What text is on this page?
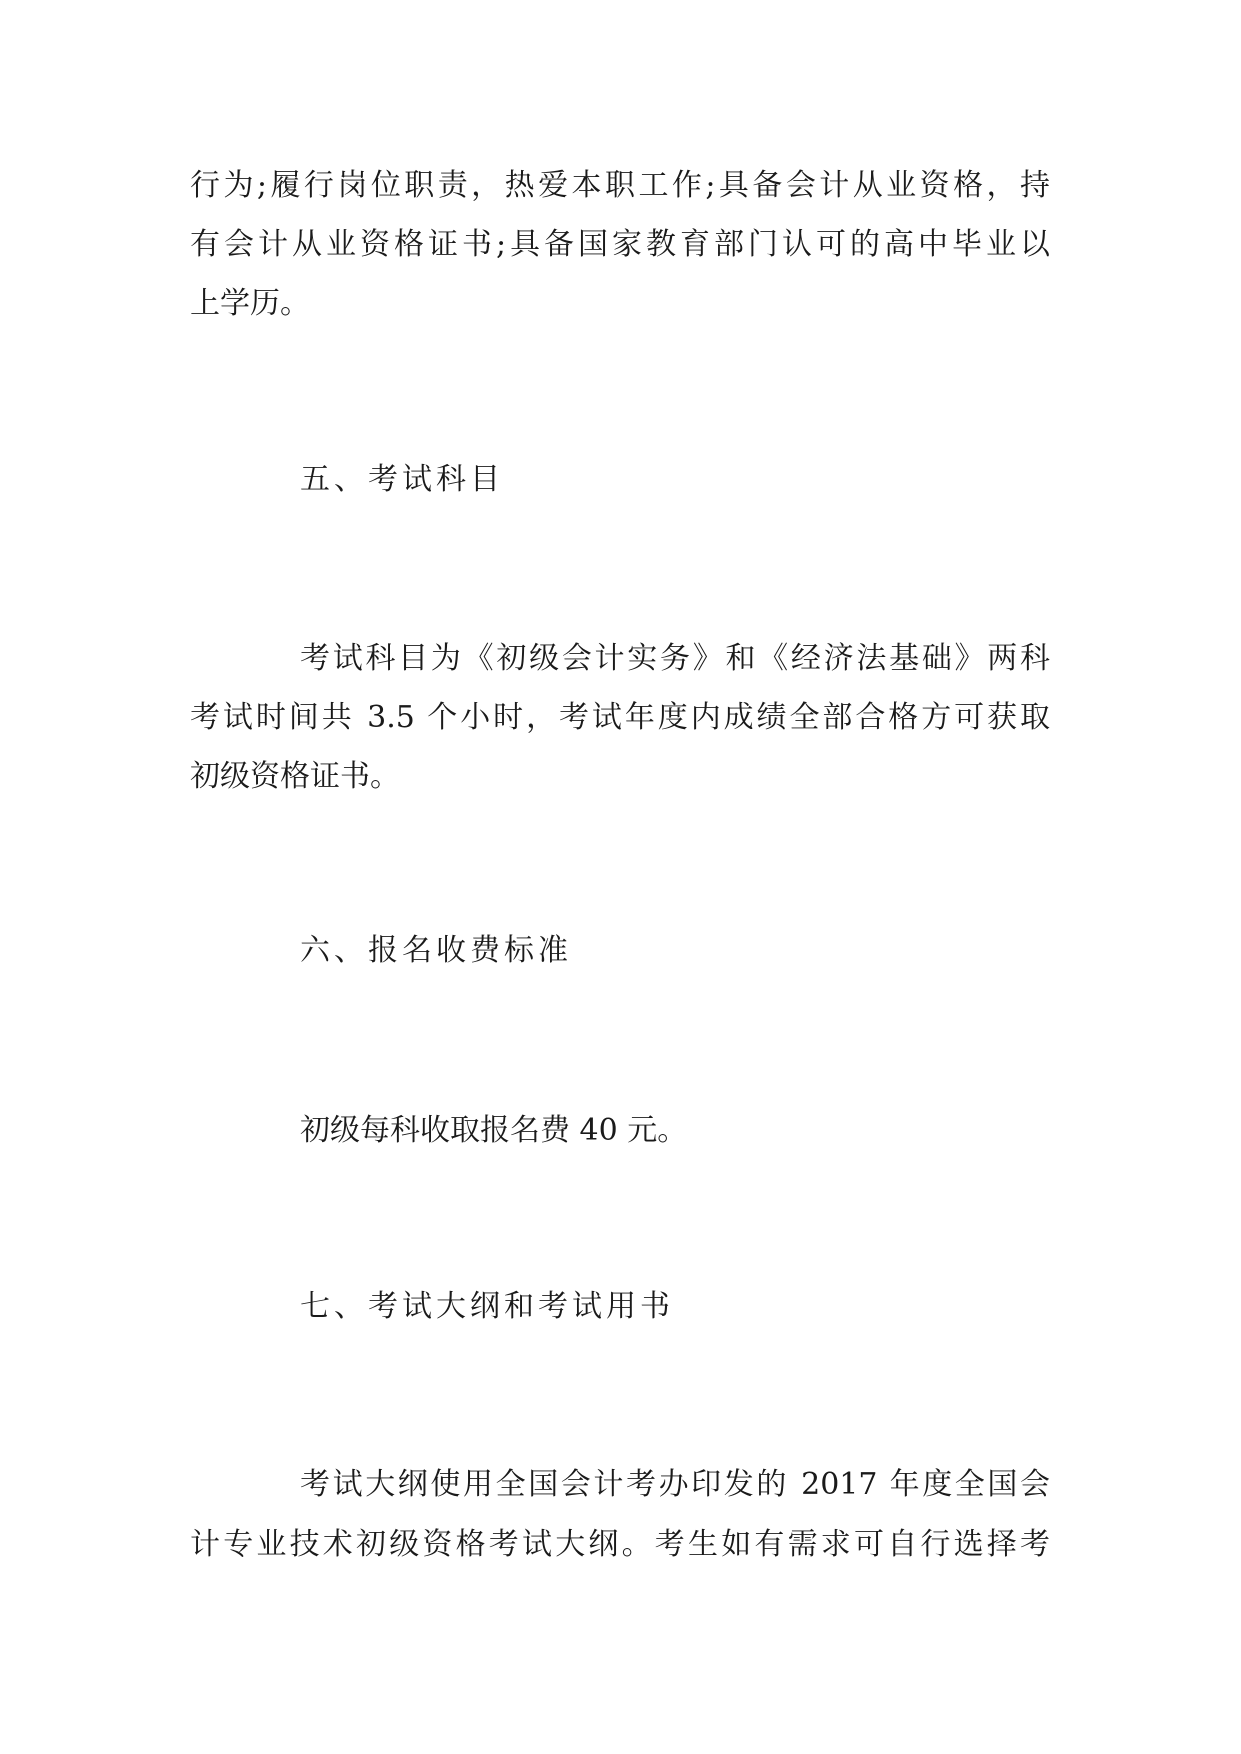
行为;履行岗位职责，热爱本职工作;具备会计从业资格，持
有会计从业资格证书;具备国家教育部门认可的高中毕业以
上学历。
五、考试科目
考试科目为《初级会计实务》和《经济法基础》两科
考试时间共 3.5 个小时，考试年度内成绩全部合格方可获取
初级资格证书。
六、报名收费标准
初级每科收取报名费 40 元。
七、考试大纲和考试用书
考试大纲使用全国会计考办印发的 2017 年度全国会
计专业技术初级资格考试大纲。考生如有需求可自行选择考
